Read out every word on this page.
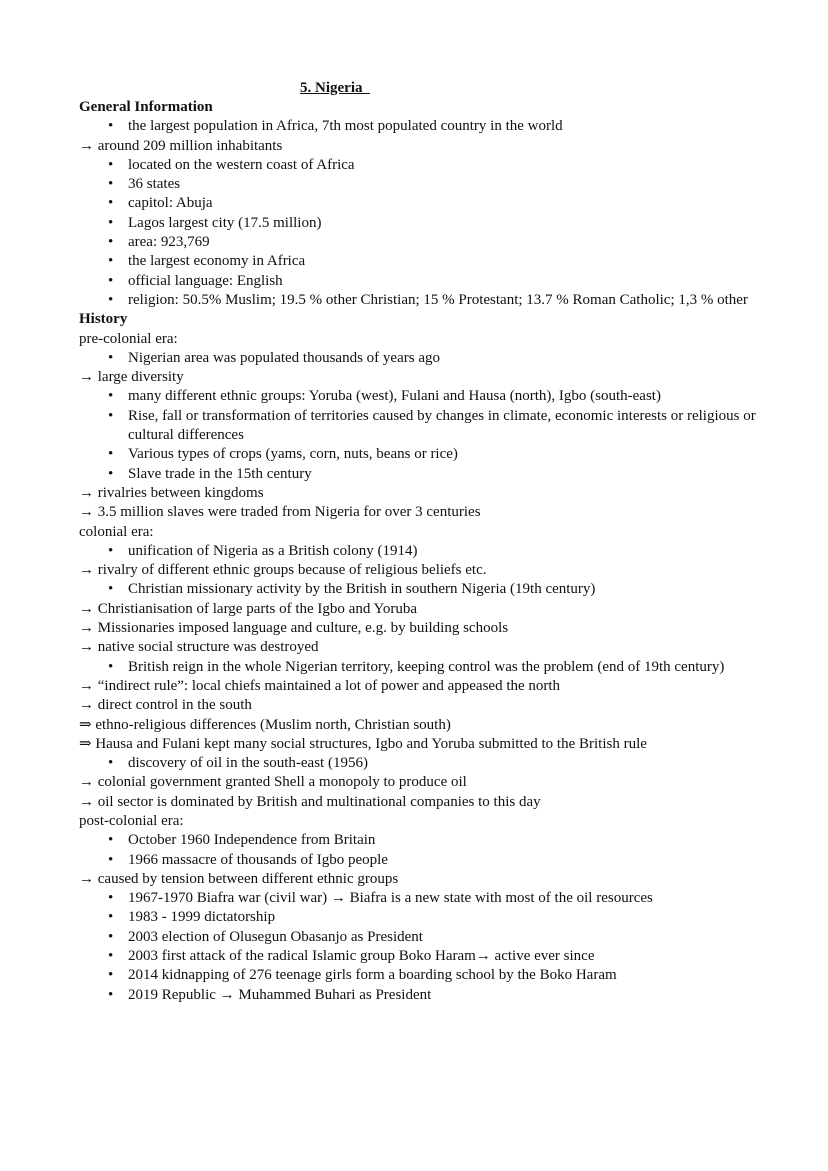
5. Nigeria
General Information
• the largest population in Africa, 7th most populated country in the world
→ around 209 million inhabitants
• located on the western coast of Africa
• 36 states
• capitol: Abuja
• Lagos largest city (17.5 million)
• area: 923,769
• the largest economy in Africa
• official language: English
• religion: 50.5% Muslim; 19.5 % other Christian; 15 % Protestant; 13.7 % Roman Catholic; 1,3 % other
History
pre-colonial era:
• Nigerian area was populated thousands of years ago
→ large diversity
• many different ethnic groups: Yoruba (west), Fulani and Hausa (north), Igbo (south-east)
• Rise, fall or transformation of territories caused by changes in climate, economic interests or religious or cultural differences
• Various types of crops (yams, corn, nuts, beans or rice)
• Slave trade in the 15th century
→ rivalries between kingdoms
→ 3.5 million slaves were traded from Nigeria for over 3 centuries
colonial era:
• unification of Nigeria as a British colony (1914)
→ rivalry of different ethnic groups because of religious beliefs etc.
• Christian missionary activity by the British in southern Nigeria (19th century)
→ Christianisation of large parts of the Igbo and Yoruba
→ Missionaries imposed language and culture, e.g. by building schools
→ native social structure was destroyed
• British reign in the whole Nigerian territory, keeping control was the problem (end of 19th century)
→ “indirect rule”: local chiefs maintained a lot of power and appeased the north
→ direct control in the south
⇒ ethno-religious differences (Muslim north, Christian south)
⇒ Hausa and Fulani kept many social structures, Igbo and Yoruba submitted to the British rule
• discovery of oil in the south-east (1956)
→ colonial government granted Shell a monopoly to produce oil
→ oil sector is dominated by British and multinational companies to this day
post-colonial era:
• October 1960 Independence from Britain
• 1966 massacre of thousands of Igbo people
→ caused by tension between different ethnic groups
• 1967-1970 Biafra war (civil war) → Biafra is a new state with most of the oil resources
• 1983 - 1999 dictatorship
• 2003 election of Olusegun Obasanjo as President
• 2003 first attack of the radical Islamic group Boko Haram→ active ever since
• 2014 kidnapping of 276 teenage girls form a boarding school by the Boko Haram
• 2019 Republic → Muhammed Buhari as President
